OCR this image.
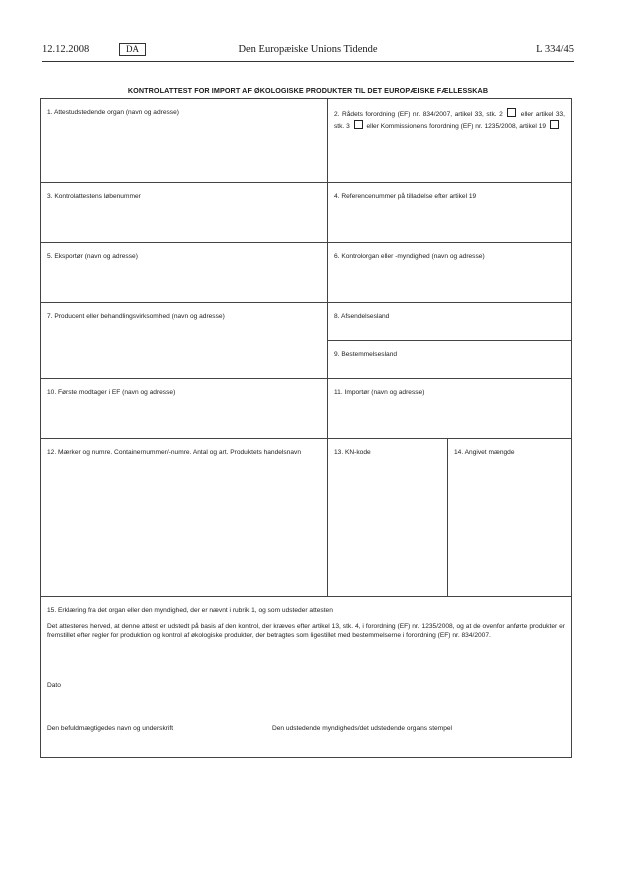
12.12.2008	DA	Den Europæiske Unions Tidende	L 334/45
KONTROLATTEST FOR IMPORT AF ØKOLOGISKE PRODUKTER TIL DET EUROPÆISKE FÆLLESSKAB
1. Attestudstedende organ (navn og adresse)	2. Rådets forordning (EF) nr. 834/2007, artikel 33, stk. 2	eller artikel 33, stk. 3	eller Kommissionens forordning (EF) nr. 1235/2008, artikel 19
3. Kontrolattestens løbenummer	4. Referencenummer på tilladelse efter artikel 19
5. Eksportør (navn og adresse)	6. Kontrolorgan eller -myndighed (navn og adresse)
7. Producent eller behandlingsvirksomhed (navn og adresse)	8. Afsendelsesland
9. Bestemmelsesland
10. Første modtager i EF (navn og adresse)	11. Importør (navn og adresse)
12. Mærker og numre. Containernummer/-numre. Antal og art. Produktets handelsnavn	13. KN-kode	14. Angivet mængde
15. Erklæring fra det organ eller den myndighed, der er nævnt i rubrik 1, og som udsteder attesten
Det attesteres herved, at denne attest er udstedt på basis af den kontrol, der kræves efter artikel 13, stk. 4, i forordning (EF) nr. 1235/2008, og at de ovenfor anførte produkter er fremstillet efter regler for produktion og kontrol af økologiske produkter, der betragtes som ligestillet med bestemmelserne i forordning (EF) nr. 834/2007.
Dato
Den befuldmægtigedes navn og underskrift	Den udstedende myndigheds/det udstedende organs stempel
